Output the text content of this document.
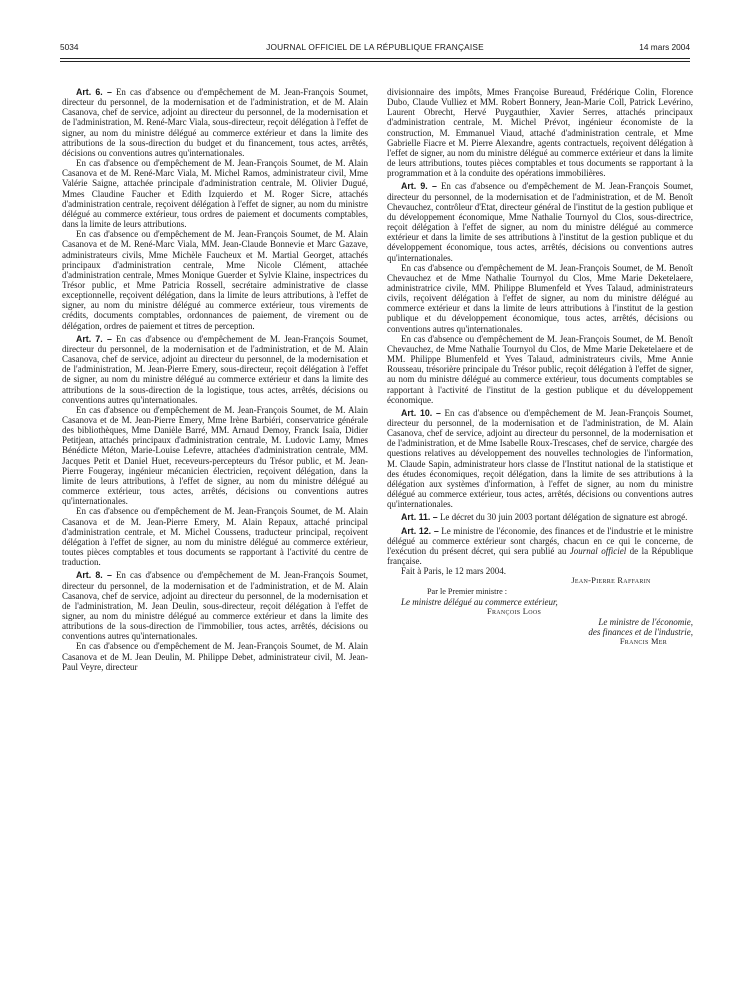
5034	JOURNAL OFFICIEL DE LA RÉPUBLIQUE FRANÇAISE	14 mars 2004

Art. 6. – En cas d'absence ou d'empêchement de M. Jean-François Soumet, directeur du personnel, de la modernisation et de l'administration, et de M. Alain Casanova, chef de service, adjoint au directeur du personnel, de la modernisation et de l'administration, M. René-Marc Viala, sous-directeur, reçoit délégation à l'effet de signer, au nom du ministre délégué au commerce extérieur et dans la limite des attributions de la sous-direction du budget et du financement, tous actes, arrêtés, décisions ou conventions autres qu'internationales.

En cas d'absence ou d'empêchement de M. Jean-François Soumet, de M. Alain Casanova et de M. René-Marc Viala, M. Michel Ramos, administrateur civil, Mme Valérie Saigne, attachée principale d'administration centrale, M. Olivier Dugué, Mmes Claudine Faucher et Edith Izquierdo et M. Roger Sicre, attachés d'administration centrale, reçoivent délégation à l'effet de signer, au nom du ministre délégué au commerce extérieur, tous ordres de paiement et documents comptables, dans la limite de leurs attributions.

En cas d'absence ou d'empêchement de M. Jean-François Soumet, de M. Alain Casanova et de M. René-Marc Viala, MM. Jean-Claude Bonnevie et Marc Gazave, administrateurs civils, Mme Michèle Faucheux et M. Martial Georget, attachés principaux d'administration centrale, Mme Nicole Clément, attachée d'administration centrale, Mmes Monique Guerder et Sylvie Klaine, inspectrices du Trésor public, et Mme Patricia Rossell, secrétaire administrative de classe exceptionnelle, reçoivent délégation, dans la limite de leurs attributions, à l'effet de signer, au nom du ministre délégué au commerce extérieur, tous virements de crédits, documents comptables, ordonnances de paiement, de virement ou de délégation, ordres de paiement et titres de perception.

Art. 7. – En cas d'absence ou d'empêchement de M. Jean-François Soumet, directeur du personnel, de la modernisation et de l'administration, et de M. Alain Casanova, chef de service, adjoint au directeur du personnel, de la modernisation et de l'administration, M. Jean-Pierre Emery, sous-directeur, reçoit délégation à l'effet de signer, au nom du ministre délégué au commerce extérieur et dans la limite des attributions de la sous-direction de la logistique, tous actes, arrêtés, décisions ou conventions autres qu'internationales.

En cas d'absence ou d'empêchement de M. Jean-François Soumet, de M. Alain Casanova et de M. Jean-Pierre Emery, Mme Irène Barbiéri, conservatrice générale des bibliothèques, Mme Danièle Barré, MM. Arnaud Demoy, Franck Isaïa, Didier Petitjean, attachés principaux d'administration centrale, M. Ludovic Lamy, Mmes Bénédicte Méton, Marie-Louise Lefevre, attachées d'administration centrale, MM. Jacques Petit et Daniel Huet, receveurs-percepteurs du Trésor public, et M. Jean-Pierre Fougeray, ingénieur mécanicien électricien, reçoivent délégation, dans la limite de leurs attributions, à l'effet de signer, au nom du ministre délégué au commerce extérieur, tous actes, arrêtés, décisions ou conventions autres qu'internationales.

En cas d'absence ou d'empêchement de M. Jean-François Soumet, de M. Alain Casanova et de M. Jean-Pierre Emery, M. Alain Repaux, attaché principal d'administration centrale, et M. Michel Coussens, traducteur principal, reçoivent délégation à l'effet de signer, au nom du ministre délégué au commerce extérieur, toutes pièces comptables et tous documents se rapportant à l'activité du centre de traduction.

Art. 8. – En cas d'absence ou d'empêchement de M. Jean-François Soumet, directeur du personnel, de la modernisation et de l'administration, et de M. Alain Casanova, chef de service, adjoint au directeur du personnel, de la modernisation et de l'administration, M. Jean Deulin, sous-directeur, reçoit délégation à l'effet de signer, au nom du ministre délégué au commerce extérieur et dans la limite des attributions de la sous-direction de l'immobilier, tous actes, arrêtés, décisions ou conventions autres qu'internationales.

En cas d'absence ou d'empêchement de M. Jean-François Soumet, de M. Alain Casanova et de M. Jean Deulin, M. Philippe Debet, administrateur civil, M. Jean-Paul Veyre, directeur

divisionnaire des impôts, Mmes Françoise Bureaud, Frédérique Colin, Florence Dubo, Claude Vulliez et MM. Robert Bonnery, Jean-Marie Coll, Patrick Levérino, Laurent Obrecht, Hervé Puygauthier, Xavier Serres, attachés principaux d'administration centrale, M. Michel Prévot, ingénieur économiste de la construction, M. Emmanuel Viaud, attaché d'administration centrale, et Mme Gabrielle Fiacre et M. Pierre Alexandre, agents contractuels, reçoivent délégation à l'effet de signer, au nom du ministre délégué au commerce extérieur et dans la limite de leurs attributions, toutes pièces comptables et tous documents se rapportant à la programmation et à la conduite des opérations immobilières.

Art. 9. – En cas d'absence ou d'empêchement de M. Jean-François Soumet, directeur du personnel, de la modernisation et de l'administration, et de M. Benoît Chevauchez, contrôleur d'Etat, directeur général de l'institut de la gestion publique et du développement économique, Mme Nathalie Tournyol du Clos, sous-directrice, reçoit délégation à l'effet de signer, au nom du ministre délégué au commerce extérieur et dans la limite de ses attributions à l'institut de la gestion publique et du développement économique, tous actes, arrêtés, décisions ou conventions autres qu'internationales.

En cas d'absence ou d'empêchement de M. Jean-François Soumet, de M. Benoît Chevauchez et de Mme Nathalie Tournyol du Clos, Mme Marie Deketelaere, administratrice civile, MM. Philippe Blumenfeld et Yves Talaud, administrateurs civils, reçoivent délégation à l'effet de signer, au nom du ministre délégué au commerce extérieur et dans la limite de leurs attributions à l'institut de la gestion publique et du développement économique, tous actes, arrêtés, décisions ou conventions autres qu'internationales.

En cas d'absence ou d'empêchement de M. Jean-François Soumet, de M. Benoît Chevauchez, de Mme Nathalie Tournyol du Clos, de Mme Marie Deketelaere et de MM. Philippe Blumenfeld et Yves Talaud, administrateurs civils, Mme Annie Rousseau, trésorière principale du Trésor public, reçoit délégation à l'effet de signer, au nom du ministre délégué au commerce extérieur, tous documents comptables se rapportant à l'activité de l'institut de la gestion publique et du développement économique.

Art. 10. – En cas d'absence ou d'empêchement de M. Jean-François Soumet, directeur du personnel, de la modernisation et de l'administration, de M. Alain Casanova, chef de service, adjoint au directeur du personnel, de la modernisation et de l'administration, et de Mme Isabelle Roux-Trescases, chef de service, chargée des questions relatives au développement des nouvelles technologies de l'information, M. Claude Sapin, administrateur hors classe de l'Institut national de la statistique et des études économiques, reçoit délégation, dans la limite de ses attributions à la délégation aux systèmes d'information, à l'effet de signer, au nom du ministre délégué au commerce extérieur, tous actes, arrêtés, décisions ou conventions autres qu'internationales.

Art. 11. – Le décret du 30 juin 2003 portant délégation de signature est abrogé.

Art. 12. – Le ministre de l'économie, des finances et de l'industrie et le ministre délégué au commerce extérieur sont chargés, chacun en ce qui le concerne, de l'exécution du présent décret, qui sera publié au Journal officiel de la République française.

Fait à Paris, le 12 mars 2004.

Jean-Pierre Raffarin

Par le Premier ministre :

Le ministre délégué au commerce extérieur,

François Loos

Le ministre de l'économie,

des finances et de l'industrie,

Francis Mer
